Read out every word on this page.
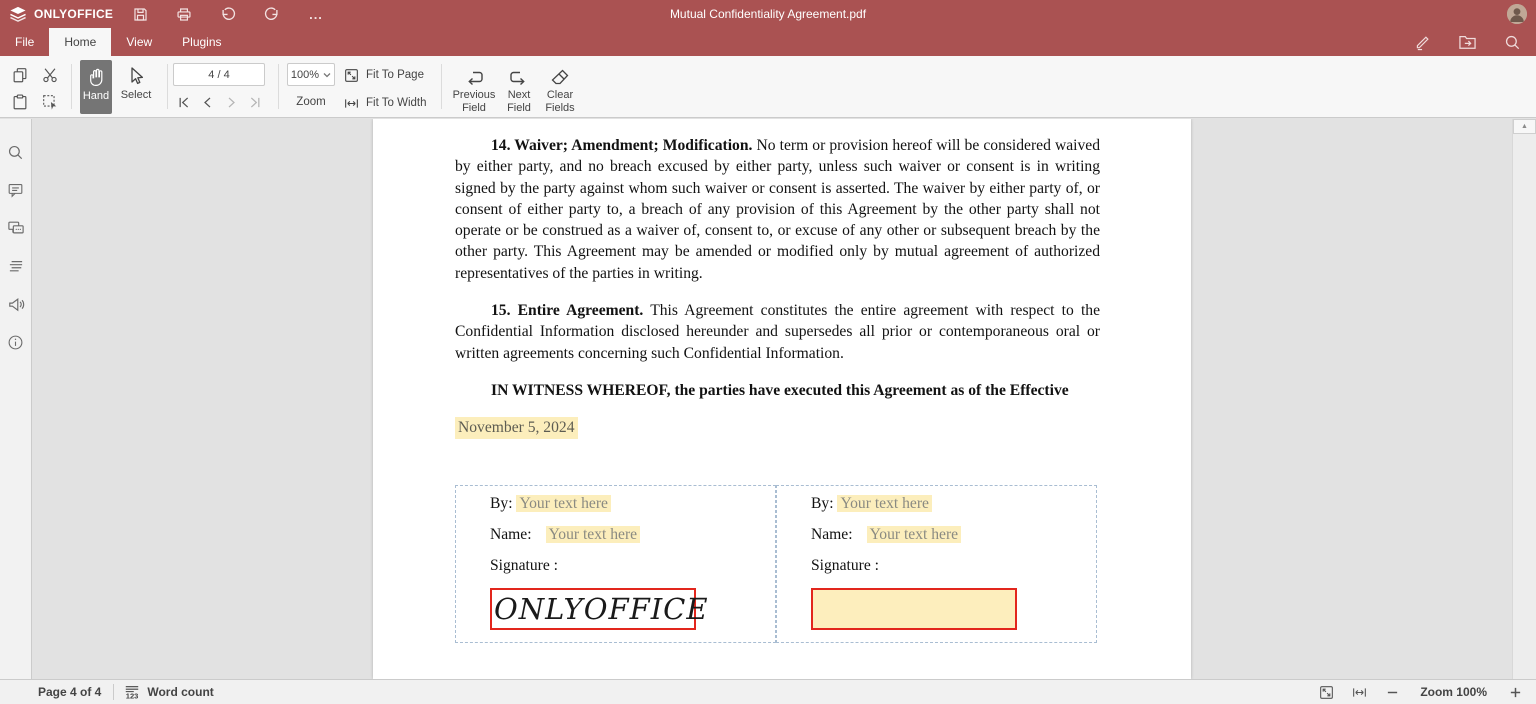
ONLYOFFICE	...	Mutual Confidentiality Agreement.pdf
File	Home	View	Plugins
Hand Select
4 / 4
100%
Zoom
Fit To Page
Fit To Width
Previous Field
Next Field
Clear Fields

14. Waiver; Amendment; Modification. No term or provision hereof will be considered waived by either party, and no breach excused by either party, unless such waiver or consent is in writing signed by the party against whom such waiver or consent is asserted. The waiver by either party of, or consent of either party to, a breach of any provision of this Agreement by the other party shall not operate or be construed as a waiver of, consent to, or excuse of any other or subsequent breach by the other party. This Agreement may be amended or modified only by mutual agreement of authorized representatives of the parties in writing.

15. Entire Agreement. This Agreement constitutes the entire agreement with respect to the Confidential Information disclosed hereunder and supersedes all prior or contemporaneous oral or written agreements concerning such Confidential Information.

IN WITNESS WHEREOF, the parties have executed this Agreement as of the Effective

November 5, 2024
By: Your text here
Name: Your text here
Signature :
ONLYOFFICE
By: Your text here
Name: Your text here
Signature :
▲
Page 4 of 4	123 Word count	Zoom 100%
